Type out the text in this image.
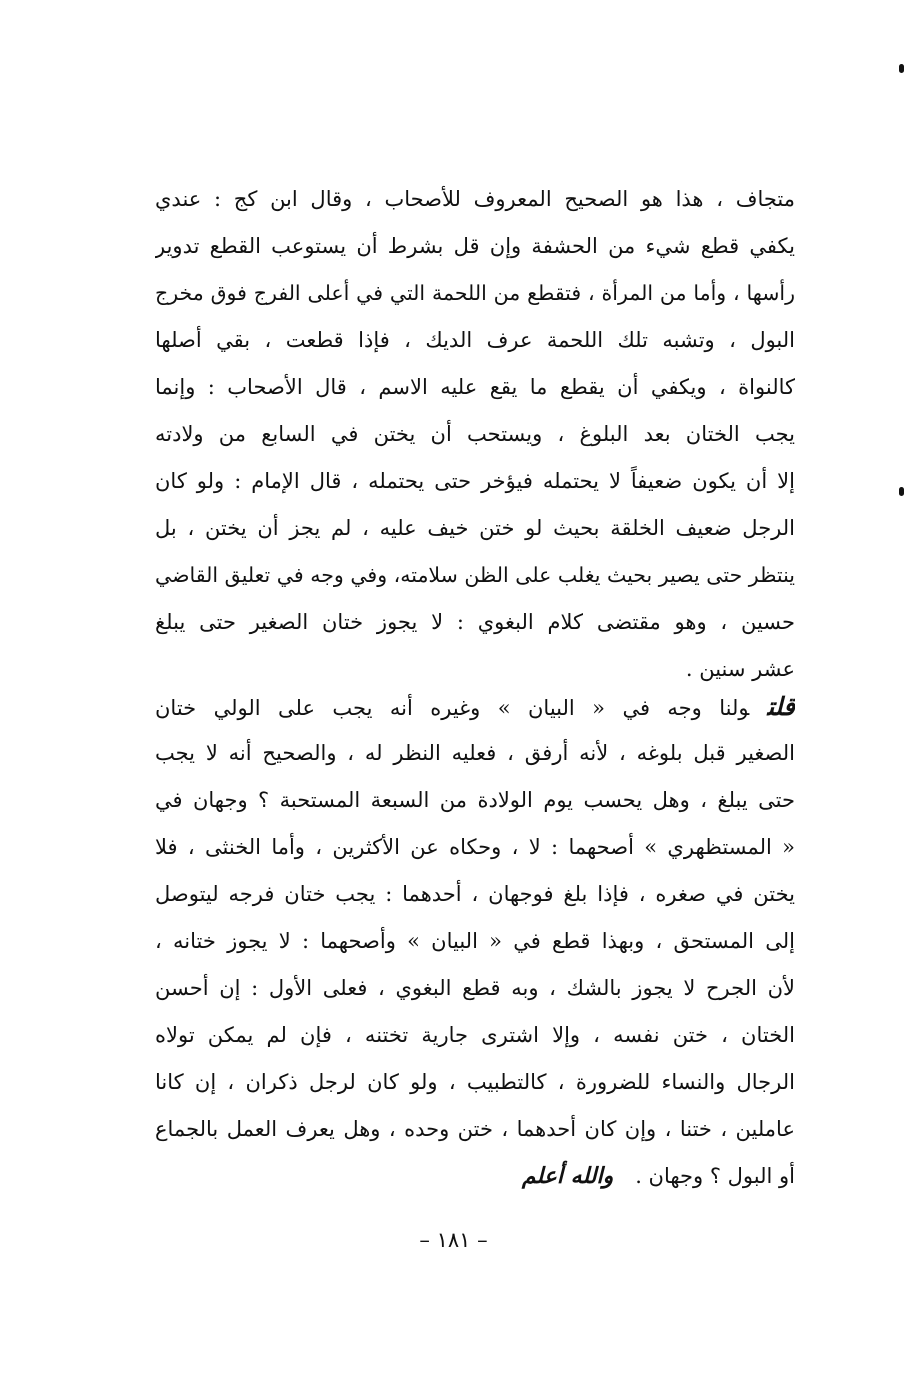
متجاف ، هذا هو الصحيح المعروف للأصحاب ، وقال ابن كج : عندي
يكفي قطع شيء من الحشفة وإن قل بشرط أن يستوعب القطع تدوير
رأسها ، وأما من المرأة ، فتقطع من اللحمة التي في أعلى الفرج فوق مخرج
البول ، وتشبه تلك اللحمة عرف الديك ، فإذا قطعت ، بقي أصلها
كالنواة ، ويكفي أن يقطع ما يقع عليه الاسم ، قال الأصحاب : وإنما
يجب الختان بعد البلوغ ، ويستحب أن يختن في السابع من ولادته
إلا أن يكون ضعيفاً لا يحتمله فيؤخر حتى يحتمله ، قال الإمام : ولو كان
الرجل ضعيف الخلقة بحيث لو ختن خيف عليه ، لم يجز أن يختن ، بل
ينتظر حتى يصير بحيث يغلب على الظن سلامته، وفي وجه في تعليق القاضي
حسين ، وهو مقتضى كلام البغوي : لا يجوز ختان الصغير حتى يبلغ
عشر سنين .
قلتولنا وجه في « البيان » وغيره أنه يجب على الولي ختان
الصغير قبل بلوغه ، لأنه أرفق ، فعليه النظر له ، والصحيح أنه لا يجب
حتى يبلغ ، وهل يحسب يوم الولادة من السبعة المستحبة ؟ وجهان في
« المستظهري » أصحهما : لا ، وحكاه عن الأكثرين ، وأما الخنثى ، فلا
يختن في صغره ، فإذا بلغ فوجهان ، أحدهما : يجب ختان فرجه ليتوصل
إلى المستحق ، وبهذا قطع في « البيان » وأصحهما : لا يجوز ختانه ،
لأن الجرح لا يجوز بالشك ، وبه قطع البغوي ، فعلى الأول : إن أحسن
الختان ، ختن نفسه ، وإلا اشترى جارية تختنه ، فإن لم يمكن تولاه
الرجال والنساء للضرورة ، كالتطبيب ، ولو كان لرجل ذكران ، إن كانا
عاملين ، ختنا ، وإن كان أحدهما ، ختن وحده ، وهل يعرف العمل بالجماع
أو البول ؟ وجهان .والله أعلم
– ١٨١ –
